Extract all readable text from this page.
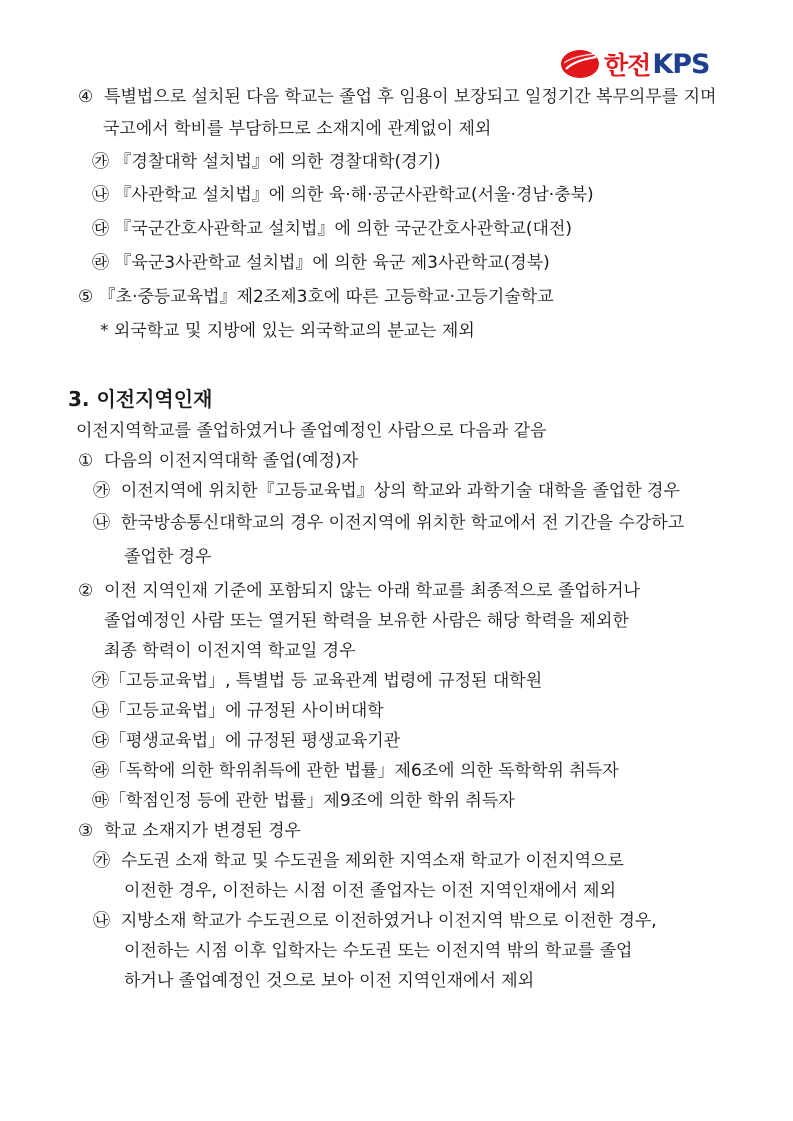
한전 KPS
④ 특별법으로 설치된 다음 학교는 졸업 후 임용이 보장되고 일정기간 복무의무를 지며
국고에서 학비를 부담하므로 소재지에 관계없이 제외
㉮ 『경찰대학 설치법』에 의한 경찰대학(경기)
㉯ 『사관학교 설치법』에 의한 육·해·공군사관학교(서울·경남·충북)
㉰ 『국군간호사관학교 설치법』에 의한 국군간호사관학교(대전)
㉱ 『육군3사관학교 설치법』에 의한 육군 제3사관학교(경북)
⑤ 『초·중등교육법』제2조제3호에 따른 고등학교·고등기술학교
* 외국학교 및 지방에 있는 외국학교의 분교는 제외
3. 이전지역인재
이전지역학교를 졸업하였거나 졸업예정인 사람으로 다음과 같음
① 다음의 이전지역대학 졸업(예정)자
㉮ 이전지역에 위치한『고등교육법』상의 학교와 과학기술 대학을 졸업한 경우
㉯ 한국방송통신대학교의 경우 이전지역에 위치한 학교에서 전 기간을 수강하고
졸업한 경우
② 이전 지역인재 기준에 포함되지 않는 아래 학교를 최종적으로 졸업하거나
졸업예정인 사람 또는 열거된 학력을 보유한 사람은 해당 학력을 제외한
최종 학력이 이전지역 학교일 경우
㉮「고등교육법」, 특별법 등 교육관계 법령에 규정된 대학원
㉯「고등교육법」에 규정된 사이버대학
㉰「평생교육법」에 규정된 평생교육기관
㉱「독학에 의한 학위취득에 관한 법률」제6조에 의한 독학학위 취득자
㉲「학점인정 등에 관한 법률」제9조에 의한 학위 취득자
③ 학교 소재지가 변경된 경우
㉮ 수도권 소재 학교 및 수도권을 제외한 지역소재 학교가 이전지역으로
이전한 경우, 이전하는 시점 이전 졸업자는 이전 지역인재에서 제외
㉯ 지방소재 학교가 수도권으로 이전하였거나 이전지역 밖으로 이전한 경우,
이전하는 시점 이후 입학자는 수도권 또는 이전지역 밖의 학교를 졸업
하거나 졸업예정인 것으로 보아 이전 지역인재에서 제외
